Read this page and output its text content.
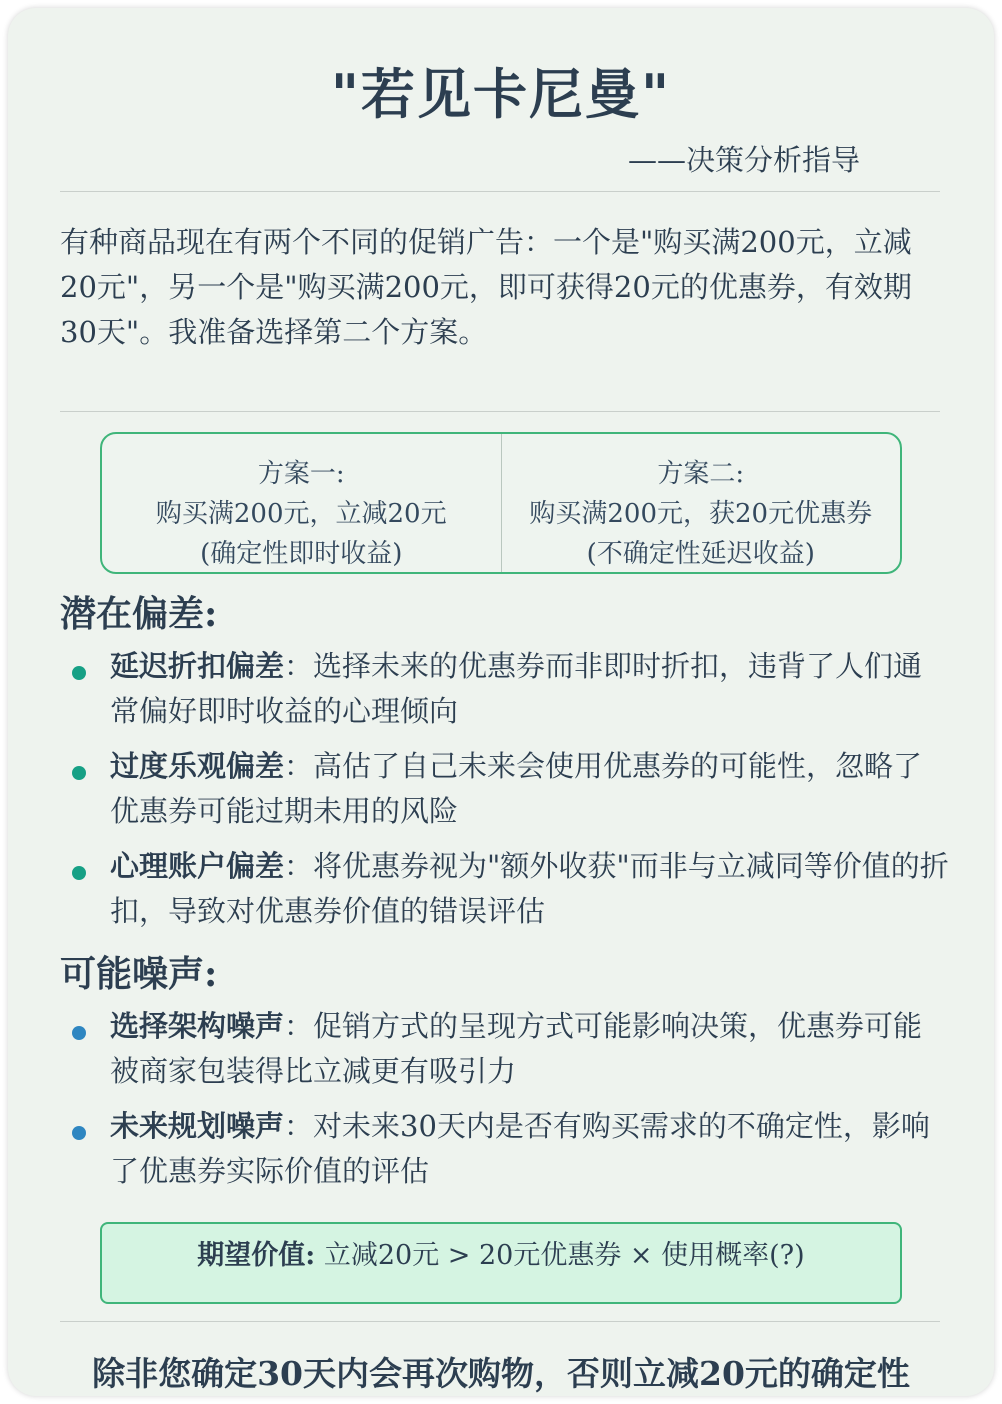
"若见卡尼曼"
——决策分析指导
有种商品现在有两个不同的促销广告：一个是"购买满200元，立减20元"，另一个是"购买满200元，即可获得20元的优惠券，有效期30天"。我准备选择第二个方案。
方案一:
购买满200元，立减20元
(确定性即时收益)
方案二:
购买满200元，获20元优惠券
(不确定性延迟收益)
潜在偏差:
延迟折扣偏差：选择未来的优惠券而非即时折扣，违背了人们通常偏好即时收益的心理倾向
过度乐观偏差：高估了自己未来会使用优惠券的可能性，忽略了优惠券可能过期未用的风险
心理账户偏差：将优惠券视为"额外收获"而非与立减同等价值的折扣，导致对优惠券价值的错误评估
可能噪声:
选择架构噪声：促销方式的呈现方式可能影响决策，优惠券可能被商家包装得比立减更有吸引力
未来规划噪声：对未来30天内是否有购买需求的不确定性，影响了优惠券实际价值的评估
期望价值: 立减20元 > 20元优惠券 × 使用概率(?)
除非您确定30天内会再次购物，否则立减20元的确定性
